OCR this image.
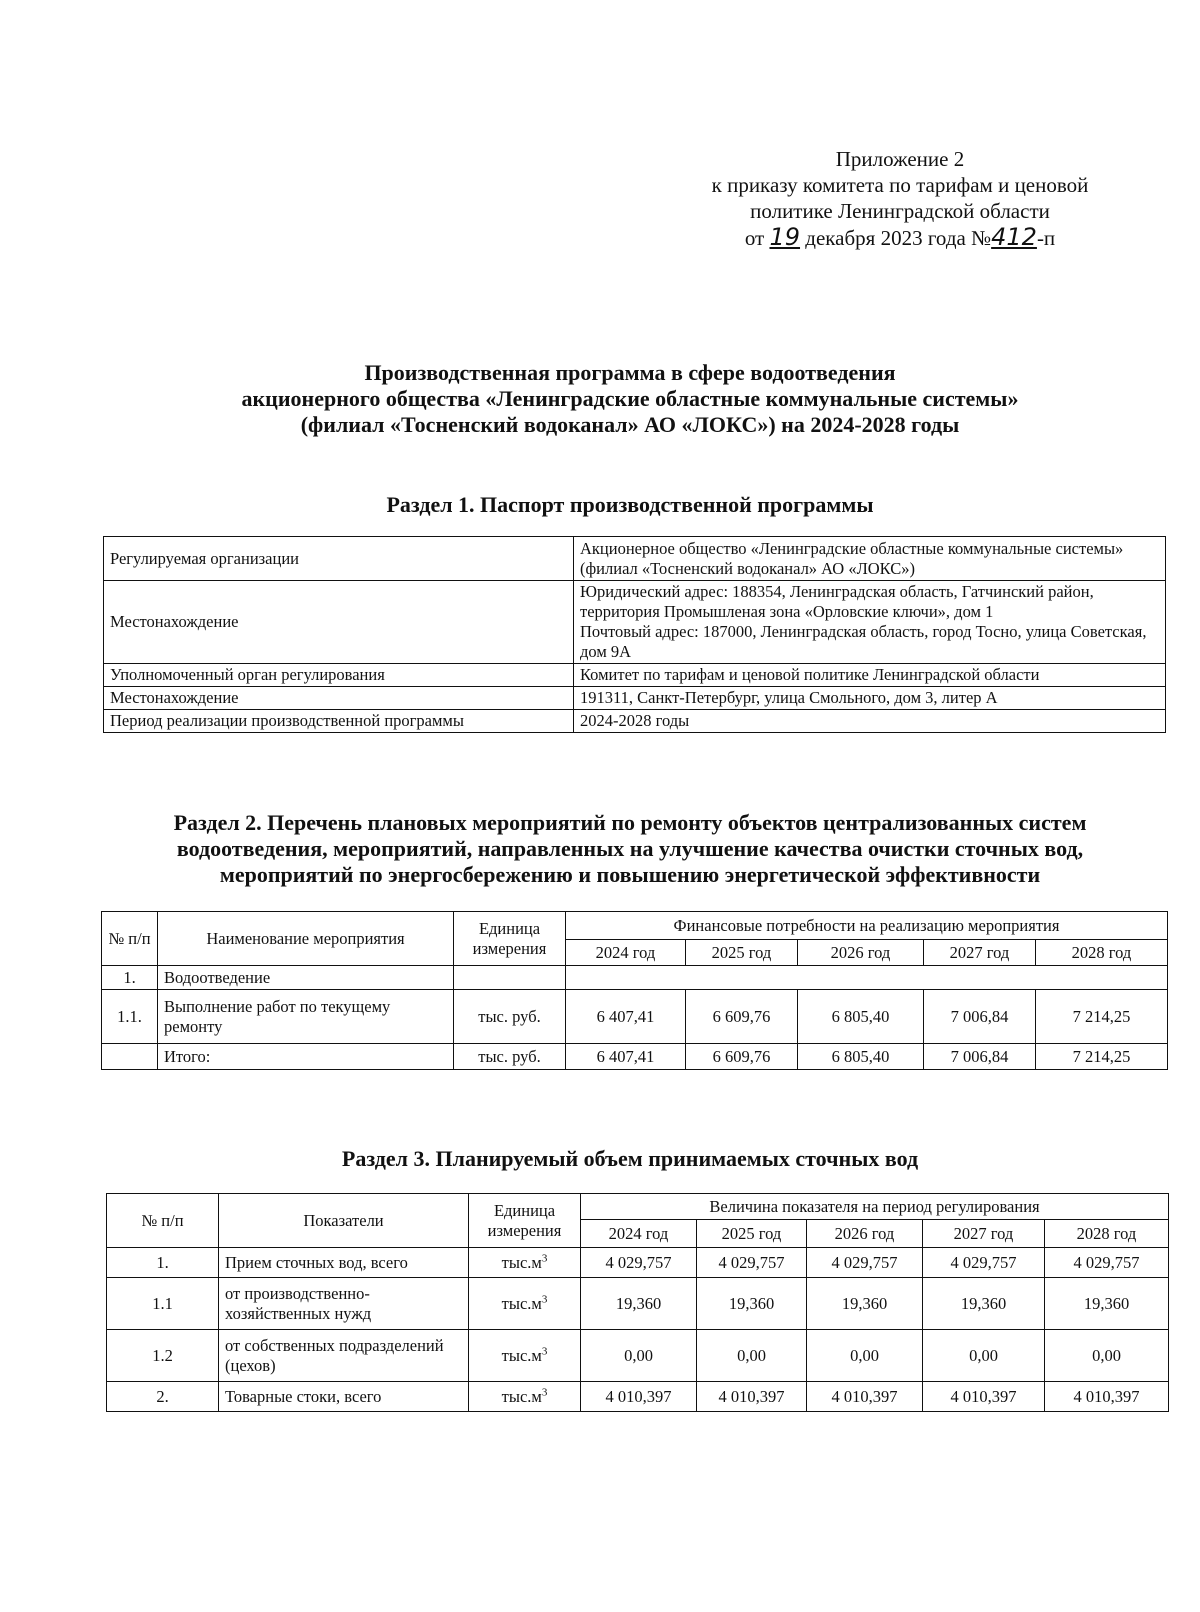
Приложение 2
к приказу комитета по тарифам и ценовой
политике Ленинградской области
от 19 декабря 2023 года №412-п
Производственная программа в сфере водоотведения
акционерного общества «Ленинградские областные коммунальные системы»
(филиал «Тосненский водоканал» АО «ЛОКС») на 2024-2028 годы
Раздел 1. Паспорт производственной программы
Регулируемая организации	Акционерное общество «Ленинградские областные коммунальные системы» (филиал «Тосненский водоканал» АО «ЛОКС»)
Местонахождение	Юридический адрес: 188354, Ленинградская область, Гатчинский район, территория Промышленая зона «Орловские ключи», дом 1
Почтовый адрес: 187000, Ленинградская область, город Тосно, улица Советская, дом 9А

Уполномоченный орган регулирования	Комитет по тарифам и ценовой политике Ленинградской области
Местонахождение	191311, Санкт-Петербург, улица Смольного, дом 3, литер А
Период реализации производственной программы	2024-2028 годы
Раздел 2. Перечень плановых мероприятий по ремонту объектов централизованных систем
водоотведения, мероприятий, направленных на улучшение качества очистки сточных вод,
мероприятий по энергосбережению и повышению энергетической эффективности
№ п/п	Наименование мероприятия	Единица измерения	Финансовые потребности на реализацию мероприятия				
			2024 год	2025 год	2026 год	2027 год	2028 год
1.	Водоотведение						
1.1.	Выполнение работ по текущему ремонту	тыс. руб.	6 407,41	6 609,76	6 805,40	7 006,84	7 214,25
	Итого:	тыс. руб.	6 407,41	6 609,76	6 805,40	7 006,84	7 214,25
Раздел 3. Планируемый объем принимаемых сточных вод
№ п/п	Показатели	Единица измерения	Величина показателя на период регулирования				
			2024 год	2025 год	2026 год	2027 год	2028 год
1.	Прием сточных вод, всего	$тыс.м^3$	4 029,757	4 029,757	4 029,757	4 029,757	4 029,757
1.1	от производственно-хозяйственных нужд	$тыс.м^3$	19,360	19,360	19,360	19,360	19,360
1.2	от собственных подразделений (цехов)	$тыс.м^3$	0,00	0,00	0,00	0,00	0,00
2.	Товарные стоки, всего	$тыс.м^3$	4 010,397	4 010,397	4 010,397	4 010,397	4 010,397
